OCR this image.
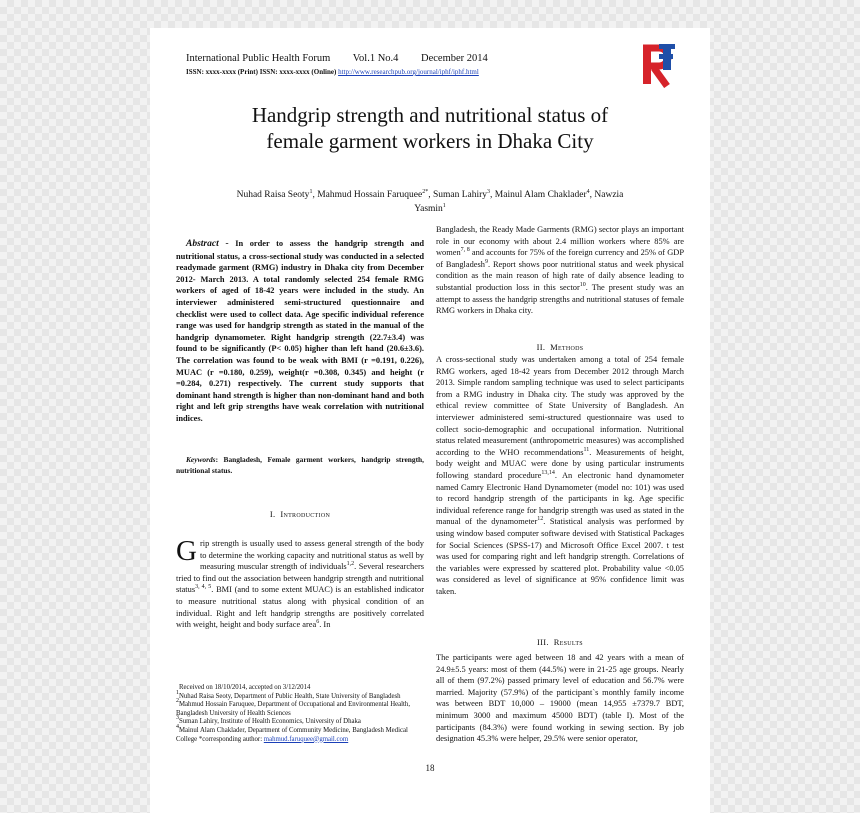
International Public Health Forum Vol.1 No.4 December 2014
ISSN: xxxx-xxxx (Print) ISSN: xxxx-xxxx (Online) http://www.researchpub.org/journal/iphf/iphf.html
Handgrip strength and nutritional status of
female garment workers in Dhaka City
Nuhad Raisa Seoty$^1$, Mahmud Hossain Faruquee$^{2*}$, Suman Lahiry$^3$, Mainul Alam Chaklader$^4$, Nawzia
Yasmin$^1$
Abstract - In order to assess the handgrip strength and nutritional status, a cross-sectional study was conducted in a selected readymade garment (RMG) industry in Dhaka city from December 2012- March 2013. A total randomly selected 254 female RMG workers of aged of 18-42 years were included in the study. An interviewer administered semi-structured questionnaire and checklist were used to collect data. Age specific individual reference range was used for handgrip strength as stated in the manual of the handgrip dynamometer. Right handgrip strength (22.7±3.4) was found to be significantly (P< 0.05) higher than left hand (20.6±3.6). The correlation was found to be weak with BMI (r =0.191, 0.226), MUAC (r =0.180, 0.259), weight(r =0.308, 0.345) and height (r =0.284, 0.271) respectively. The current study supports that dominant hand strength is higher than non-dominant hand and both right and left grip strengths have weak correlation with nutritional indices.
Keywords: Bangladesh, Female garment workers, handgrip strength, nutritional status.
I. Introduction
Grip strength is usually used to assess general strength of the body to determine the working capacity and nutritional status as well by measuring muscular strength of individuals$^{1,2}$. Several researchers tried to find out the association between handgrip strength and nutritional status$^{3, 4, 5}$. BMI (and to some extent MUAC) is an established indicator to measure nutritional status along with physical condition of an individual. Right and left handgrip strengths are positively correlated with weight, height and body surface area$^6$. In
Received on 18/10/2014, accepted on 3/12/2014
$^1$Nuhad Raisa Seoty, Department of Public Health, State University of Bangladesh
$^2$Mahmud Hossain Faruquee, Department of Occupational and Environmental Health, Bangladesh University of Health Sciences
$^3$Suman Lahiry, Institute of Health Economics, University of Dhaka
$^4$Mainul Alam Chaklader, Department of Community Medicine, Bangladesh Medical College *corresponding author: mahmud.faruquee@gmail.com
Bangladesh, the Ready Made Garments (RMG) sector plays an important role in our economy with about 2.4 million workers where 85% are women$^{7, 8}$ and accounts for 75% of the foreign currency and 25% of GDP of Bangladesh$^9$. Report shows poor nutritional status and week physical condition as the main reason of high rate of daily absence leading to substantial production loss in this sector$^{10}$. The present study was an attempt to assess the handgrip strengths and nutritional statuses of female RMG workers in Dhaka city.
II. Methods
A cross-sectional study was undertaken among a total of 254 female RMG workers, aged 18-42 years from December 2012 through March 2013. Simple random sampling technique was used to select participants from a RMG industry in Dhaka city. The study was approved by the ethical review committee of State University of Bangladesh. An interviewer administered semi-structured questionnaire was used to collect socio-demographic and occupational information. Nutritional status related measurement (anthropometric measures) was accomplished according to the WHO recommendations$^{11}$. Measurements of height, body weight and MUAC were done by using particular instruments following standard procedure$^{13,14}$. An electronic hand dynamometer named Camry Electronic Hand Dynamometer (model no: 101) was used to record handgrip strength of the participants in kg. Age specific individual reference range for handgrip strength was used as stated in the manual of the dynamometer$^{12}$. Statistical analysis was performed by using window based computer software devised with Statistical Packages for Social Sciences (SPSS-17) and Microsoft Office Excel 2007. t test was used for comparing right and left handgrip strength. Correlations of the variables were expressed by scattered plot. Probability value <0.05 was considered as level of significance at 95% confidence limit was taken.
III. Results
The participants were aged between 18 and 42 years with a mean of 24.9±5.5 years: most of them (44.5%) were in 21-25 age groups. Nearly all of them (97.2%) passed primary level of education and 56.7% were married. Majority (57.9%) of the participant`s monthly family income was between BDT 10,000 – 19000 (mean 14,955 ±7379.7 BDT, minimum 3000 and maximum 45000 BDT) (table I). Most of the participants (84.3%) were found working in sewing section. By job designation 45.3% were helper, 29.5% were senior operator,
18
